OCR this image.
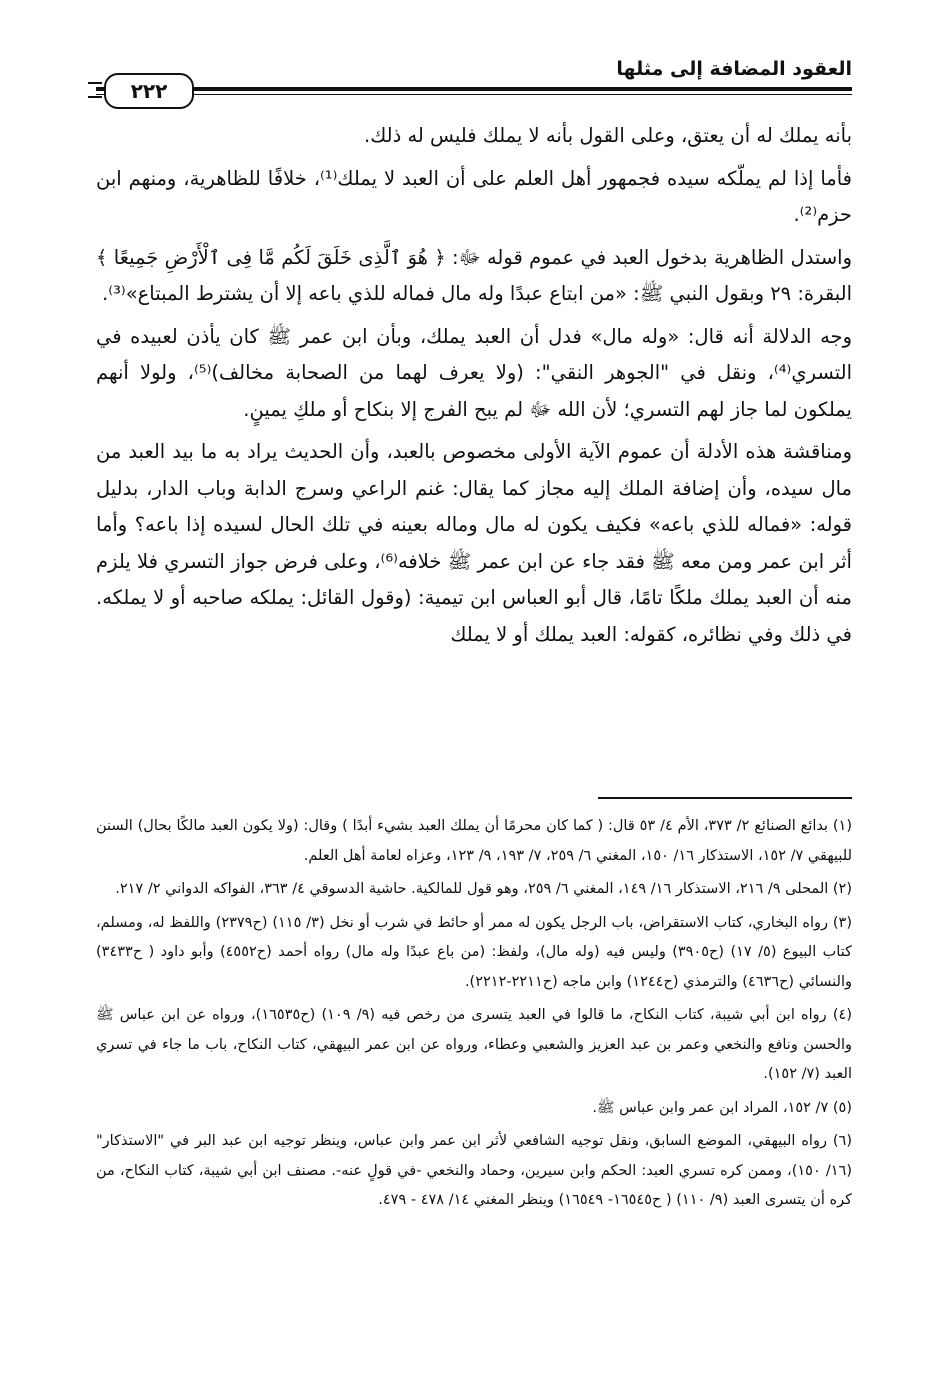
العقود المضافة إلى مثلها
٢٢٢

بأنه يملك له أن يعتق، وعلى القول بأنه لا يملك فليس له ذلك.

فأما إذا لم يملّكه سيده فجمهور أهل العلم على أن العبد لا يملك⁽¹⁾، خلافًا للظاهرية، ومنهم ابن حزم⁽²⁾.

واستدل الظاهرية بدخول العبد في عموم قوله ﷻ: ﴿ هُوَ ٱلَّذِى خَلَقَ لَكُم مَّا فِى ٱلْأَرْضِ جَمِيعًا ﴾ البقرة: ٢٩ وبقول النبي ﷺ: «من ابتاع عبدًا وله مال فماله للذي باعه إلا أن يشترط المبتاع»⁽³⁾.

وجه الدلالة أنه قال: «وله مال» فدل أن العبد يملك، وبأن ابن عمر ﷺ كان يأذن لعبيده في التسري⁽⁴⁾، ونقل في "الجوهر النقي": (ولا يعرف لهما من الصحابة مخالف)⁽⁵⁾، ولولا أنهم يملكون لما جاز لهم التسري؛ لأن الله ﷻ لم يبح الفرج إلا بنكاح أو ملكِ يمينٍ.

ومناقشة هذه الأدلة أن عموم الآية الأولى مخصوص بالعبد، وأن الحديث يراد به ما بيد العبد من مال سيده، وأن إضافة الملك إليه مجاز كما يقال: غنم الراعي وسرج الدابة وباب الدار، بدليل قوله: «فماله للذي باعه» فكيف يكون له مال وماله بعينه في تلك الحال لسيده إذا باعه؟ وأما أثر ابن عمر ومن معه ﷺ فقد جاء عن ابن عمر ﷺ خلافه⁽⁶⁾، وعلى فرض جواز التسري فلا يلزم منه أن العبد يملك ملكًا تامًا، قال أبو العباس ابن تيمية: (وقول القائل: يملكه صاحبه أو لا يملكه. في ذلك وفي نظائره، كقوله: العبد يملك أو لا يملك

(١) بدائع الصنائع ٢/ ٣٧٣، الأم ٤/ ٥٣ قال: ( كما كان محرمًا أن يملك العبد بشيء أبدًا ) وقال: (ولا يكون العبد مالكًا بحال) السنن للبيهقي ٧/ ١٥٢، الاستذكار ١٦/ ١٥٠، المغني ٦/ ٢٥٩، ٧/ ١٩٣، ٩/ ١٢٣، وعزاه لعامة أهل العلم.
(٢) المحلى ٩/ ٢١٦، الاستذكار ١٦/ ١٤٩، المغني ٦/ ٢٥٩، وهو قول للمالكية. حاشية الدسوقي ٤/ ٣٦٣، الفواكه الدواني ٢/ ٢١٧.
(٣) رواه البخاري، كتاب الاستقراض، باب الرجل يكون له ممر أو حائط في شرب أو نخل (٣/ ١١٥) (ح٢٣٧٩) واللفظ له، ومسلم، كتاب البيوع (٥/ ١٧) (ح٣٩٠٥) وليس فيه (وله مال)، ولفظ: (من باع عبدًا وله مال) رواه أحمد (ح٤٥٥٢) وأبو داود ( ح٣٤٣٣) والنسائي (ح٤٦٣٦) والترمذي (ح١٢٤٤) وابن ماجه (ح٢٢١١-٢٢١٢).
(٤) رواه ابن أبي شيبة، كتاب النكاح، ما قالوا في العبد يتسرى من رخص فيه (٩/ ١٠٩) (ح١٦٥٣٥)، ورواه عن ابن عباس ﷺ والحسن ونافع والنخعي وعمر بن عبد العزيز والشعبي وعطاء، ورواه عن ابن عمر البيهقي، كتاب النكاح، باب ما جاء في تسري العبد (٧/ ١٥٢).
(٥) ٧/ ١٥٢، المراد ابن عمر وابن عباس ﷺ.
(٦) رواه البيهقي، الموضع السابق، ونقل توجيه الشافعي لأثر ابن عمر وابن عباس، وينظر توجيه ابن عبد البر في "الاستذكار" (١٦/ ١٥٠)، وممن كره تسري العبد: الحكم وابن سيرين، وحماد والنخعي -في قولٍ عنه-. مصنف ابن أبي شيبة، كتاب النكاح، من كره أن يتسرى العبد (٩/ ١١٠) ( ح١٦٥٤٥- ١٦٥٤٩) وينظر المغني ١٤/ ٤٧٨ - ٤٧٩.
